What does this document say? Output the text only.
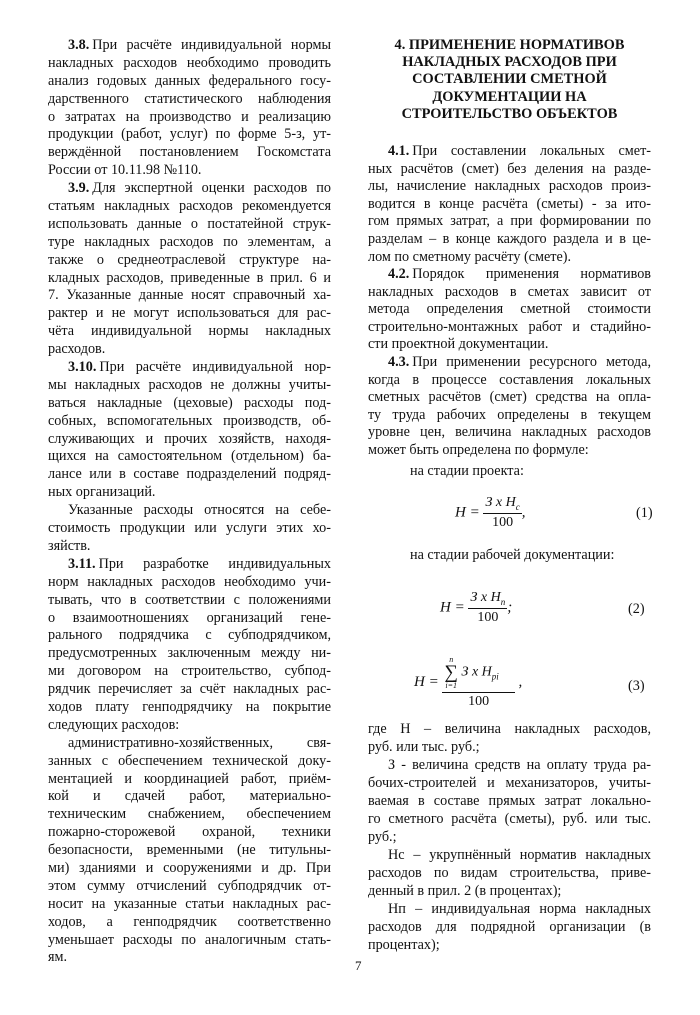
3.8. При расчёте индивидуальной нормы
накладных расходов необходимо проводить
анализ годовых данных федерального госу-
дарственного статистического наблюдения
о затратах на производство и реализацию
продукции (работ, услуг) по форме 5-з, ут-
верждённой постановлением Госкомстата
России от 10.11.98 №110.
3.9. Для экспертной оценки расходов по
статьям накладных расходов рекомендуется
использовать данные о постатейной струк-
туре накладных расходов по элементам, а
также о среднеотраслевой структуре на-
кладных расходов, приведенные в прил. 6 и
7. Указанные данные носят справочный ха-
рактер и не могут использоваться для рас-
чёта индивидуальной нормы накладных
расходов.
3.10. При расчёте индивидуальной нор-
мы накладных расходов не должны учиты-
ваться накладные (цеховые) расходы под-
собных, вспомогательных производств, об-
служивающих и прочих хозяйств, находя-
щихся на самостоятельном (отдельном) ба-
лансе или в составе подразделений подряд-
ных организаций.
Указанные расходы относятся на себе-
стоимость продукции или услуги этих хо-
зяйств.
3.11. При разработке индивидуальных
норм накладных расходов необходимо учи-
тывать, что в соответствии с положениями
о взаимоотношениях организаций гене-
рального подрядчика с субподрядчиком,
предусмотренных заключенным между ни-
ми договором на строительство, субпод-
рядчик перечисляет за счёт накладных рас-
ходов плату генподрядчику на покрытие
следующих расходов:
административно-хозяйственных, свя-
занных с обеспечением технической доку-
ментацией и координацией работ, приём-
кой и сдачей работ, материально-
техническим снабжением, обеспечением
пожарно-сторожевой охраной, техники
безопасности, временными (не титульны-
ми) зданиями и сооружениями и др. При
этом сумму отчислений субподрядчик от-
носит на указанные статьи накладных рас-
ходов, а генподрядчик соответственно
уменьшает расходы по аналогичным стать-
ям.
4. ПРИМЕНЕНИЕ НОРМАТИВОВ
НАКЛАДНЫХ РАСХОДОВ ПРИ
СОСТАВЛЕНИИ СМЕТНОЙ
ДОКУМЕНТАЦИИ НА
СТРОИТЕЛЬСТВО ОБЪЕКТОВ
4.1. При составлении локальных смет-
ных расчётов (смет) без деления на разде-
лы, начисление накладных расходов произ-
водится в конце расчёта (сметы) - за ито-
гом прямых затрат, а при формировании по
разделам – в конце каждого раздела и в це-
лом по сметному расчёту (смете).
4.2. Порядок применения нормативов
накладных расходов в сметах зависит от
метода определения сметной стоимости
строительно-монтажных работ и стадийно-
сти проектной документации.
4.3. При применении ресурсного метода,
когда в процессе составления локальных
сметных расчётов (смет) средства на опла-
ту труда рабочих определены в текущем
уровне цен, величина накладных расходов
может быть определена по формуле:
на стадии проекта:
$Н = \frac{З х Н_c}{100}$ ,	(1)
на стадии рабочей документации:
$Н = \frac{З х Н_п}{100}$ ;	(2)
Н = n
∑
i=1
З х $Н_{pi}$
100 ,	(3)
где Н – величина накладных расходов,
руб. или тыс. руб.;
З - величина средств на оплату труда ра-
бочих-строителей и механизаторов, учиты-
ваемая в составе прямых затрат локально-
го сметного расчёта (сметы), руб. или тыс.
руб.;
Нс – укрупнённый норматив накладных
расходов по видам строительства, приве-
денный в прил. 2 (в процентах);
Нп – индивидуальная норма накладных
расходов для подрядной организации (в
процентах);
7
